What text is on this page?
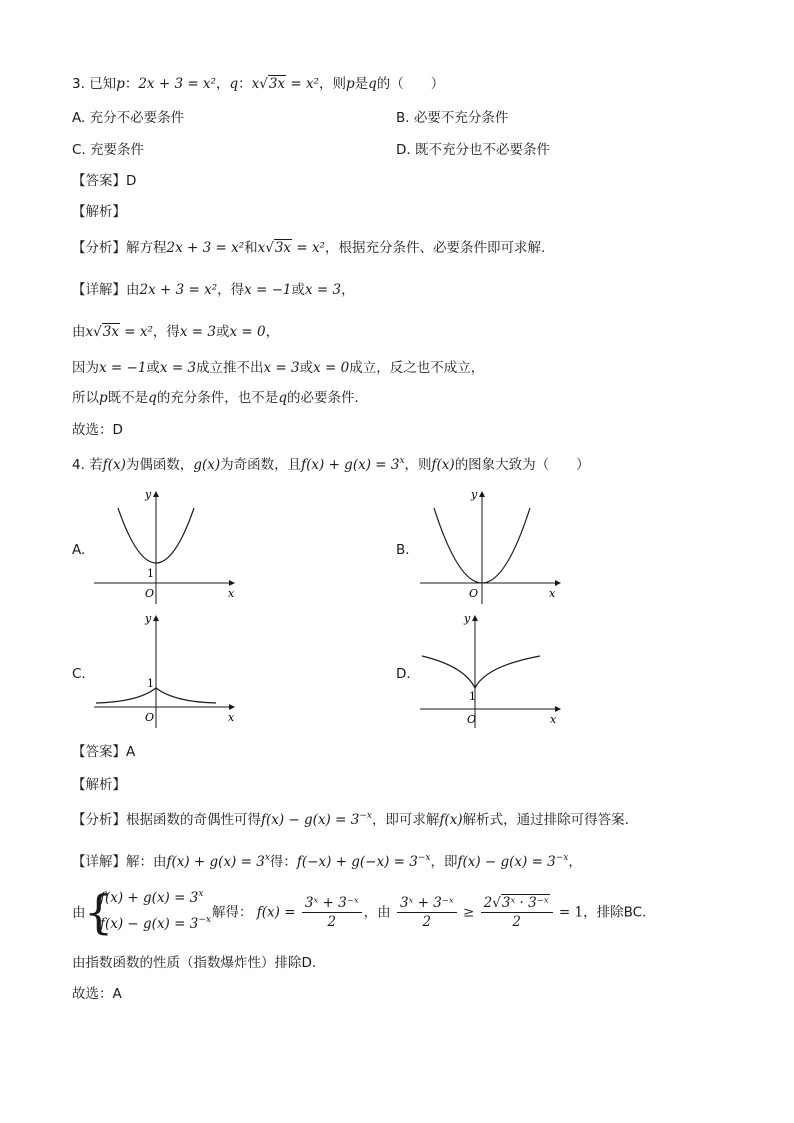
3. 已知p：2x + 3 = x²，q：x√3x = x²，则p是q的（　　）
A. 充分不必要条件	B. 必要不充分条件
C. 充要条件	D. 既不充分也不必要条件
【答案】D
【解析】
【分析】解方程2x + 3 = x²和x√3x = x²，根据充分条件、必要条件即可求解.
【详解】由2x + 3 = x²，得x = −1或x = 3，
由x√3x = x²，得x = 3或x = 0，
因为x = −1或x = 3成立推不出x = 3或x = 0成立，反之也不成立，
所以p既不是q的充分条件，也不是q的必要条件.
故选：D
4. 若f(x)为偶函数，g(x)为奇函数，且$f(x) + g(x) = 3^x$，则f(x)的图象大致为（　　）
A.
y
x
O
1
B.
y
x
O
C.
y
x
O
1
D.
y
x
O
1
【答案】A
【解析】
【分析】根据函数的奇偶性可得$f(x) - g(x) = 3^{-x}$，即可求解f(x)解析式，通过排除可得答案.
【详解】解：由$f(x) + g(x) = 3^x$得：$f(-x) + g(-x) = 3^{-x}$，即$f(x) - g(x) = 3^{-x}$，
由
{
$f(x) + g(x) = 3^x$
$f(x) - g(x) = 3^{-x}$ 解得： $f(x) = \frac{\text{3ˣ + 3⁻ˣ}}{2}$ ，由 $\frac{\text{3ˣ + 3⁻ˣ}}{2} \ge \frac{\text{2√3ˣ · 3⁻ˣ}}{2} = 1$，排除BC.
由指数函数的性质（指数爆炸性）排除D.
故选：A
